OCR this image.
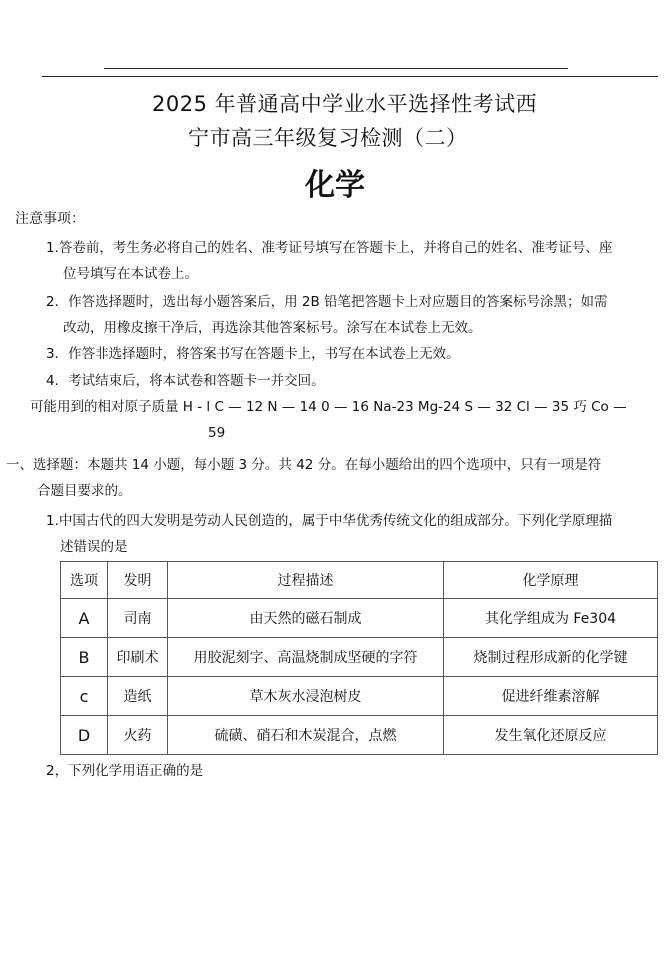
2025 年普通高中学业水平选择性考试西
宁市高三年级复习检测（二）
化学
注意事项：
1.答卷前，考生务必将自己的姓名、准考证号填写在答题卡上，并将自己的姓名、准考证号、座
位号填写在本试卷上。
2．作答选择题时，选出每小题答案后，用 2B 铅笔把答题卡上对应题目的答案标号涂黑；如需
改动，用橡皮擦干净后，再选涂其他答案标号。涂写在本试卷上无效。
3．作答非选择题时，将答案书写在答题卡上，书写在本试卷上无效。
4．考试结束后，将本试卷和答题卡一并交回。
可能用到的相对原子质量 H - l C — 12 N — 14 0 — 16 Na-23 Mg-24 S — 32 Cl — 35 巧 Co —
59
一、选择题：本题共 14 小题，每小题 3 分。共 42 分。在每小题给出的四个选项中，只有一项是符
合题目要求的。
1.中国古代的四大发明是劳动人民创造的，属于中华优秀传统文化的组成部分。下列化学原理描
述错误的是
选项	发明	过程描述	化学原理
A	司南	由天然的磁石制成	其化学组成为 Fe304
B	印刷术	用胶泥刻字、高温烧制成坚硬的字符	烧制过程形成新的化学键
c	造纸	草木灰水浸泡树皮	促进纤维素溶解
D	火药	硫磺、硝石和木炭混合，点燃	发生氧化还原反应
2，下列化学用语正确的是
